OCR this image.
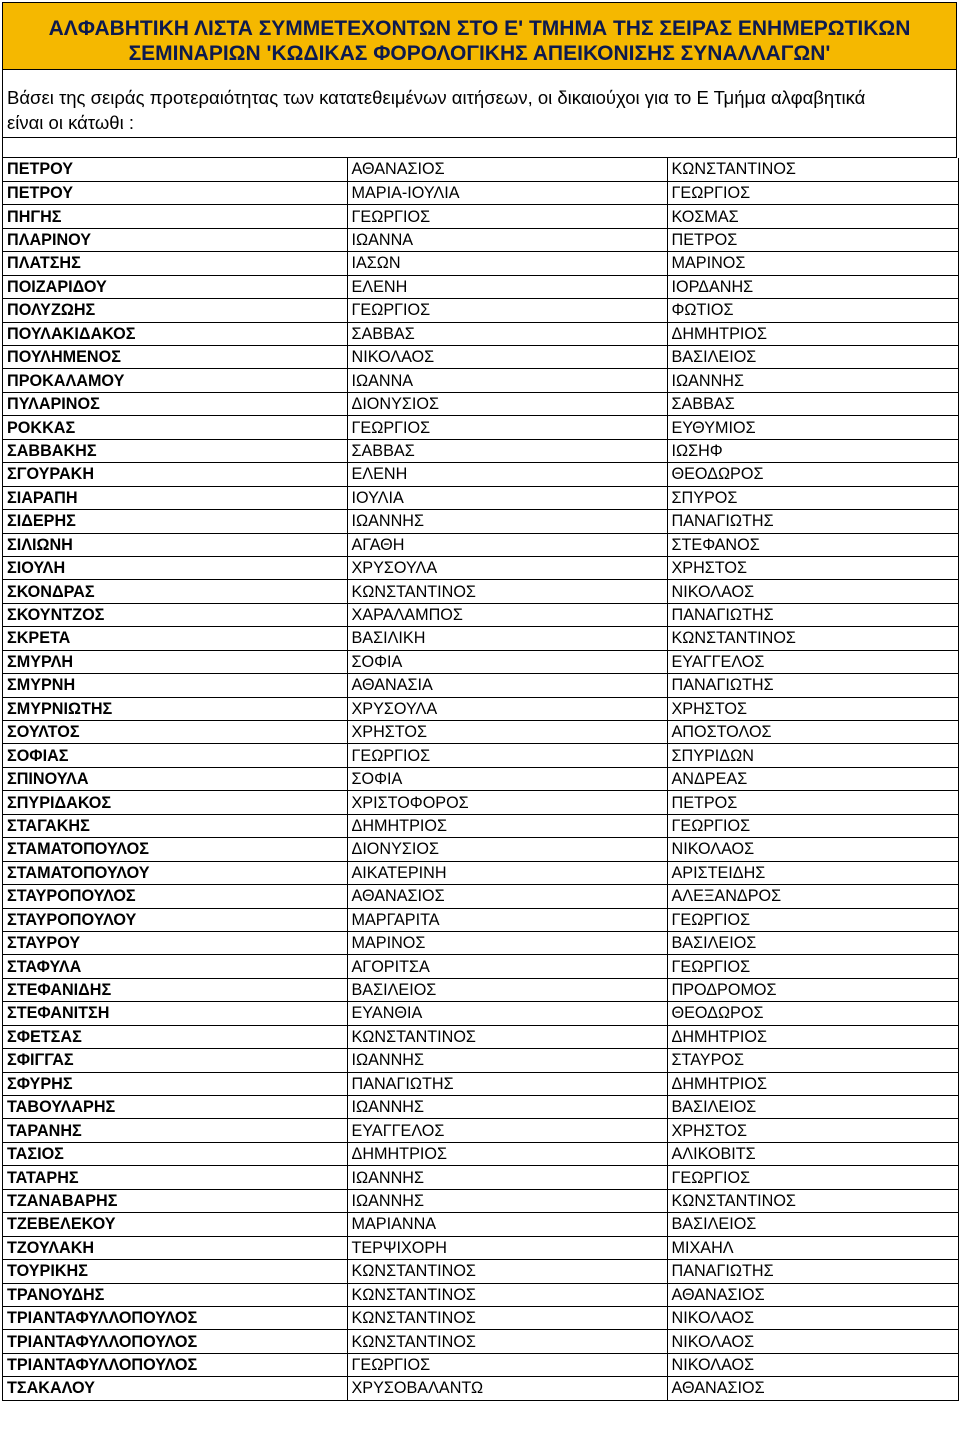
ΑΛΦΑΒΗΤΙΚΗ ΛΙΣΤΑ ΣΥΜΜΕΤΕΧΟΝΤΩΝ ΣΤΟ Ε' ΤΜΗΜΑ ΤΗΣ ΣΕΙΡΑΣ ΕΝΗΜΕΡΩΤΙΚΩΝ
ΣΕΜΙΝΑΡΙΩΝ 'ΚΩΔΙΚΑΣ ΦΟΡΟΛΟΓΙΚΗΣ ΑΠΕΙΚΟΝΙΣΗΣ ΣΥΝΑΛΛΑΓΩΝ'
Βάσει της σειράς προτεραιότητας των κατατεθειμένων αιτήσεων, οι δικαιούχοι για το Ε Τμήμα αλφαβητικά
είναι οι κάτωθι :
ΠΕΤΡΟΥ	ΑΘΑΝΑΣΙΟΣ	ΚΩΝΣΤΑΝΤΙΝΟΣ
ΠΕΤΡΟΥ	ΜΑΡΙΑ-ΙΟΥΛΙΑ	ΓΕΩΡΓΙΟΣ
ΠΗΓΗΣ	ΓΕΩΡΓΙΟΣ	ΚΟΣΜΑΣ
ΠΛΑΡΙΝΟΥ	ΙΩΑΝΝΑ	ΠΕΤΡΟΣ
ΠΛΑΤΣΗΣ	ΙΑΣΩΝ	ΜΑΡΙΝΟΣ
ΠΟΙΖΑΡΙΔΟΥ	ΕΛΕΝΗ	ΙΟΡΔΑΝΗΣ
ΠΟΛΥΖΩΗΣ	ΓΕΩΡΓΙΟΣ	ΦΩΤΙΟΣ
ΠΟΥΛΑΚΙΔΑΚΟΣ	ΣΑΒΒΑΣ	ΔΗΜΗΤΡΙΟΣ
ΠΟΥΛΗΜΕΝΟΣ	ΝΙΚΟΛΑΟΣ	ΒΑΣΙΛΕΙΟΣ
ΠΡΟΚΑΛΑΜΟΥ	ΙΩΑΝΝΑ	ΙΩΑΝΝΗΣ
ΠΥΛΑΡΙΝΟΣ	ΔΙΟΝΥΣΙΟΣ	ΣΑΒΒΑΣ
ΡΟΚΚΑΣ	ΓΕΩΡΓΙΟΣ	ΕΥΘΥΜΙΟΣ
ΣΑΒΒΑΚΗΣ	ΣΑΒΒΑΣ	ΙΩΣΗΦ
ΣΓΟΥΡΑΚΗ	ΕΛΕΝΗ	ΘΕΟΔΩΡΟΣ
ΣΙΑΡΑΠΗ	ΙΟΥΛΙΑ	ΣΠΥΡΟΣ
ΣΙΔΕΡΗΣ	ΙΩΑΝΝΗΣ	ΠΑΝΑΓΙΩΤΗΣ
ΣΙΛΙΩΝΗ	ΑΓΑΘΗ	ΣΤΕΦΑΝΟΣ
ΣΙΟΥΛΗ	ΧΡΥΣΟΥΛΑ	ΧΡΗΣΤΟΣ
ΣΚΟΝΔΡΑΣ	ΚΩΝΣΤΑΝΤΙΝΟΣ	ΝΙΚΟΛΑΟΣ
ΣΚΟΥΝΤΖΟΣ	ΧΑΡΑΛΑΜΠΟΣ	ΠΑΝΑΓΙΩΤΗΣ
ΣΚΡΕΤΑ	ΒΑΣΙΛΙΚΗ	ΚΩΝΣΤΑΝΤΙΝΟΣ
ΣΜΥΡΛΗ	ΣΟΦΙΑ	ΕΥΑΓΓΕΛΟΣ
ΣΜΥΡΝΗ	ΑΘΑΝΑΣΙΑ	ΠΑΝΑΓΙΩΤΗΣ
ΣΜΥΡΝΙΩΤΗΣ	ΧΡΥΣΟΥΛΑ	ΧΡΗΣΤΟΣ
ΣΟΥΛΤΟΣ	ΧΡΗΣΤΟΣ	ΑΠΟΣΤΟΛΟΣ
ΣΟΦΙΑΣ	ΓΕΩΡΓΙΟΣ	ΣΠΥΡΙΔΩΝ
ΣΠΙΝΟΥΛΑ	ΣΟΦΙΑ	ΑΝΔΡΕΑΣ
ΣΠΥΡΙΔΑΚΟΣ	ΧΡΙΣΤΟΦΟΡΟΣ	ΠΕΤΡΟΣ
ΣΤΑΓΑΚΗΣ	ΔΗΜΗΤΡΙΟΣ	ΓΕΩΡΓΙΟΣ
ΣΤΑΜΑΤΟΠΟΥΛΟΣ	ΔΙΟΝΥΣΙΟΣ	ΝΙΚΟΛΑΟΣ
ΣΤΑΜΑΤΟΠΟΥΛΟΥ	ΑΙΚΑΤΕΡΙΝΗ	ΑΡΙΣΤΕΙΔΗΣ
ΣΤΑΥΡΟΠΟΥΛΟΣ	ΑΘΑΝΑΣΙΟΣ	ΑΛΕΞΑΝΔΡΟΣ
ΣΤΑΥΡΟΠΟΥΛΟΥ	ΜΑΡΓΑΡΙΤΑ	ΓΕΩΡΓΙΟΣ
ΣΤΑΥΡΟΥ	ΜΑΡΙΝΟΣ	ΒΑΣΙΛΕΙΟΣ
ΣΤΑΦΥΛΑ	ΑΓΟΡΙΤΣΑ	ΓΕΩΡΓΙΟΣ
ΣΤΕΦΑΝΙΔΗΣ	ΒΑΣΙΛΕΙΟΣ	ΠΡΟΔΡΟΜΟΣ
ΣΤΕΦΑΝΙΤΣΗ	ΕΥΑΝΘΙΑ	ΘΕΟΔΩΡΟΣ
ΣΦΕΤΣΑΣ	ΚΩΝΣΤΑΝΤΙΝΟΣ	ΔΗΜΗΤΡΙΟΣ
ΣΦΙΓΓΑΣ	ΙΩΑΝΝΗΣ	ΣΤΑΥΡΟΣ
ΣΦΥΡΗΣ	ΠΑΝΑΓΙΩΤΗΣ	ΔΗΜΗΤΡΙΟΣ
ΤΑΒΟΥΛΑΡΗΣ	ΙΩΑΝΝΗΣ	ΒΑΣΙΛΕΙΟΣ
ΤΑΡΑΝΗΣ	ΕΥΑΓΓΕΛΟΣ	ΧΡΗΣΤΟΣ
ΤΑΣΙΟΣ	ΔΗΜΗΤΡΙΟΣ	ΑΛΙΚΟΒΙΤΣ
ΤΑΤΑΡΗΣ	ΙΩΑΝΝΗΣ	ΓΕΩΡΓΙΟΣ
ΤΖΑΝΑΒΑΡΗΣ	ΙΩΑΝΝΗΣ	ΚΩΝΣΤΑΝΤΙΝΟΣ
ΤΖΕΒΕΛΕΚΟΥ	ΜΑΡΙΑΝΝΑ	ΒΑΣΙΛΕΙΟΣ
ΤΖΟΥΛΑΚΗ	ΤΕΡΨΙΧΟΡΗ	ΜΙΧΑΗΛ
ΤΟΥΡΙΚΗΣ	ΚΩΝΣΤΑΝΤΙΝΟΣ	ΠΑΝΑΓΙΩΤΗΣ
ΤΡΑΝΟΥΔΗΣ	ΚΩΝΣΤΑΝΤΙΝΟΣ	ΑΘΑΝΑΣΙΟΣ
ΤΡΙΑΝΤΑΦΥΛΛΟΠΟΥΛΟΣ	ΚΩΝΣΤΑΝΤΙΝΟΣ	ΝΙΚΟΛΑΟΣ
ΤΡΙΑΝΤΑΦΥΛΛΟΠΟΥΛΟΣ	ΚΩΝΣΤΑΝΤΙΝΟΣ	ΝΙΚΟΛΑΟΣ
ΤΡΙΑΝΤΑΦΥΛΛΟΠΟΥΛΟΣ	ΓΕΩΡΓΙΟΣ	ΝΙΚΟΛΑΟΣ
ΤΣΑΚΑΛΟΥ	ΧΡΥΣΟΒΑΛΑΝΤΩ	ΑΘΑΝΑΣΙΟΣ
